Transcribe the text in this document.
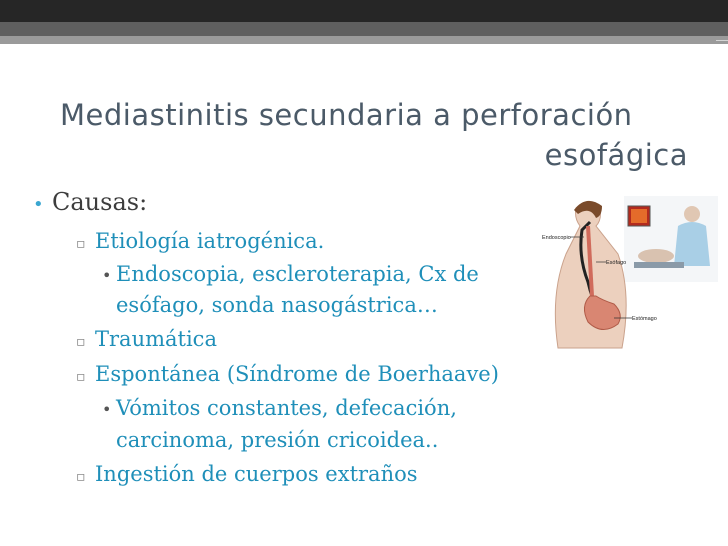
Mediastinitis secundaria a perforación
esofágica
• Causas:
▫ Etiología iatrogénica.
• Endoscopia, escleroterapia, Cx de
esófago, sonda nasogástrica…
▫ Traumática
▫ Espontánea (Síndrome de Boerhaave)
• Vómitos constantes, defecación,
carcinoma, presión cricoidea..
▫ Ingestión de cuerpos extraños
Endoscopio
Esófago
Estómago
